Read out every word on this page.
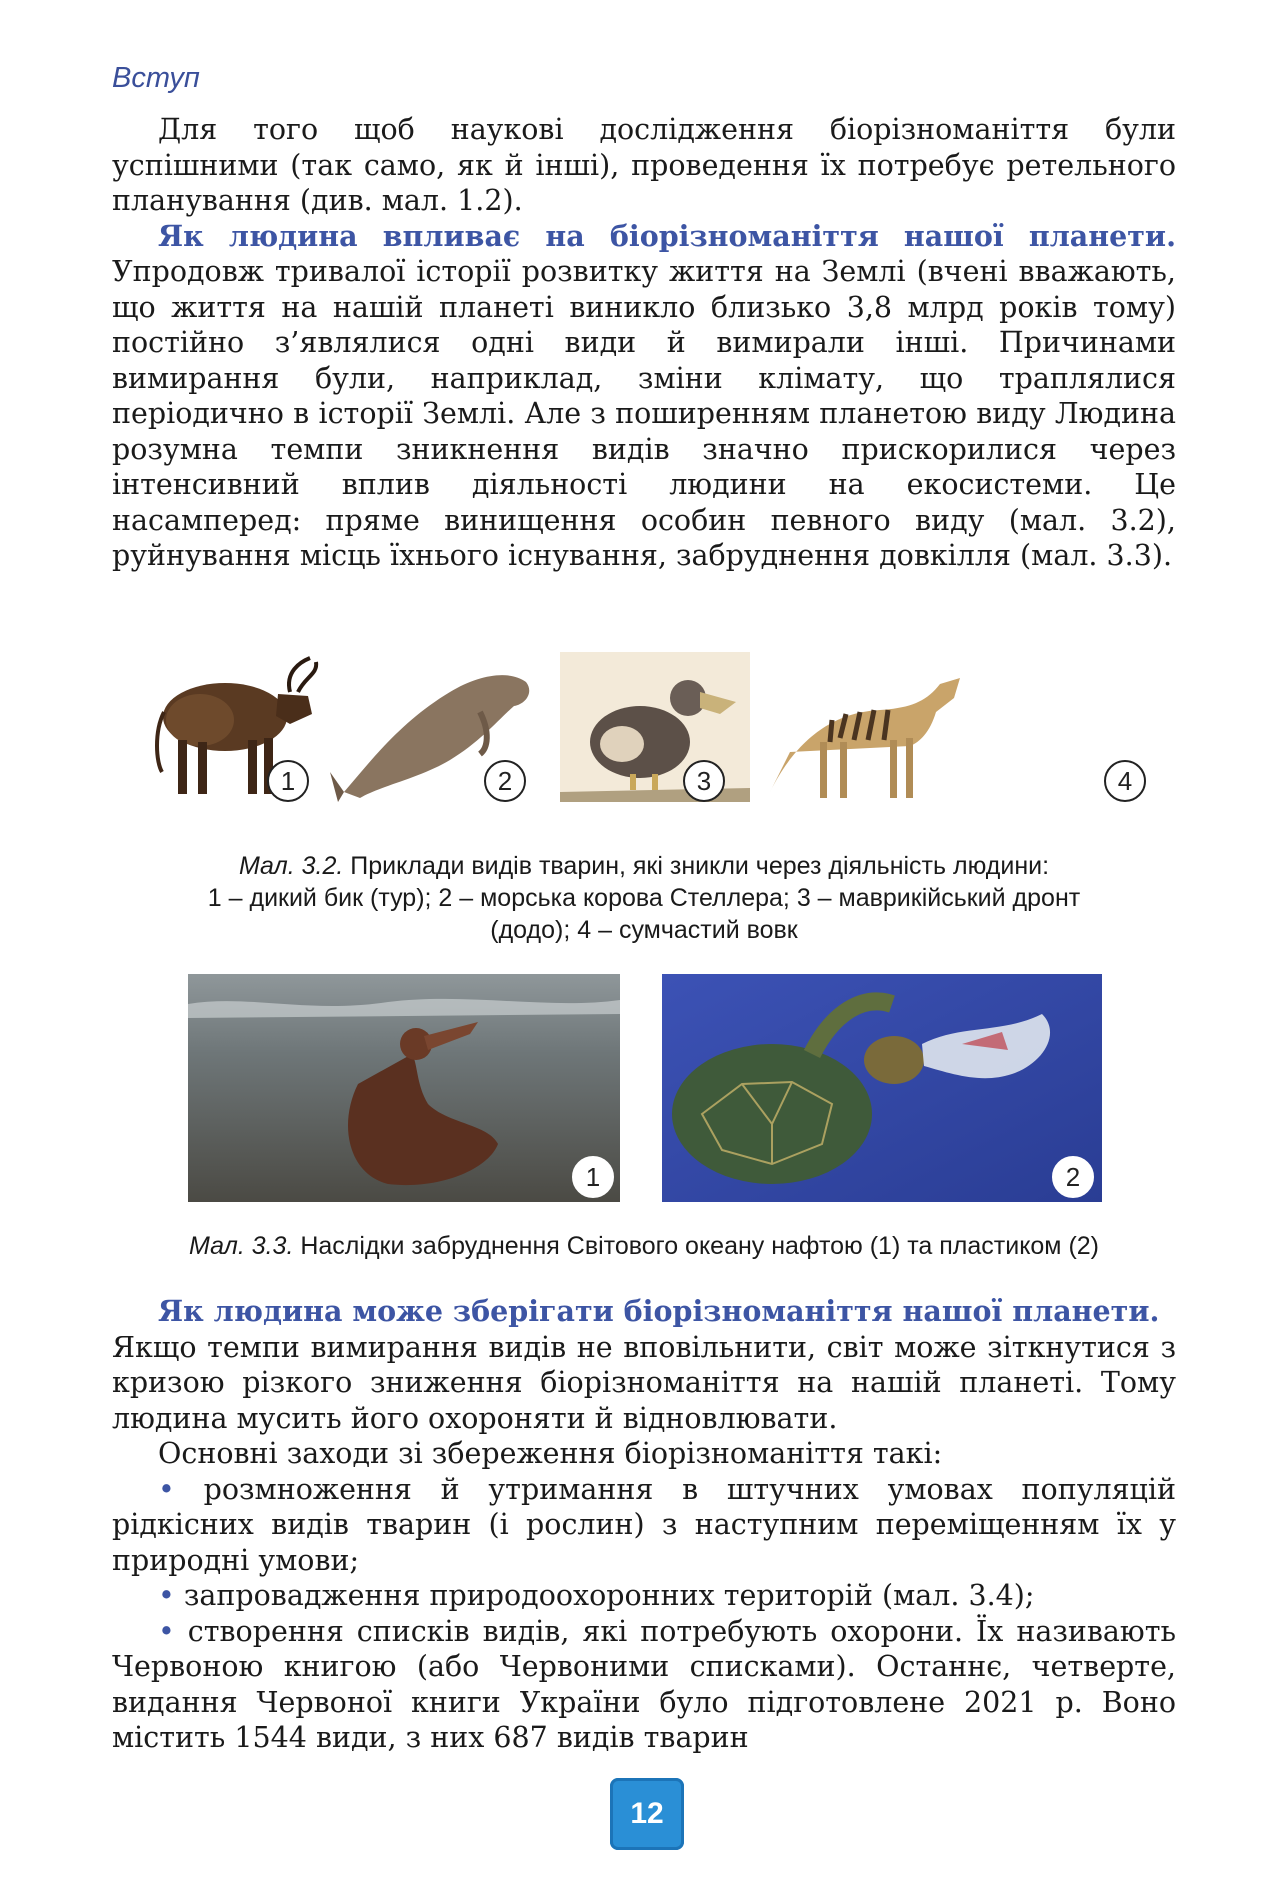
Вступ

Для того щоб наукові дослідження біорізноманіття були успішними (так само, як й інші), проведення їх потребує ретельного планування (див. мал. 1.2).

Як людина впливає на біорізноманіття нашої планети. Упродовж тривалої історії розвитку життя на Землі (вчені вважають, що життя на нашій планеті виникло близько 3,8 млрд років тому) постійно з’являлися одні види й вимирали інші. Причинами вимирання були, наприклад, зміни клімату, що траплялися періодично в історії Землі. Але з поширенням планетою виду Людина розумна темпи зникнення видів значно прискорилися через інтенсивний вплив діяльності людини на екосистеми. Це насамперед: пряме винищення особин певного виду (мал. 3.2), руйнування місць їхнього існування, забруднення довкілля (мал. 3.3).

1	2	3	4
Мал. 3.2. Приклади видів тварин, які зникли через діяльність людини:
1 – дикий бик (тур); 2 – морська корова Стеллера; 3 – маврикійський дронт
(додо); 4 – сумчастий вовк
1	2
Мал. 3.3. Наслідки забруднення Світового океану нафтою (1) та пластиком (2)

Як людина може зберігати біорізноманіття нашої планети.

Якщо темпи вимирання видів не вповільнити, світ може зіткнутися з кризою різкого зниження біорізноманіття на нашій планеті. Тому людина мусить його охороняти й відновлювати.

Основні заходи зі збереження біорізноманіття такі:

• розмноження й утримання в штучних умовах популяцій рідкісних видів тварин (і рослин) з наступним переміщенням їх у природні умови;

• запровадження природоохоронних територій (мал. 3.4);

• створення списків видів, які потребують охорони. Їх називають Червоною книгою (або Червоними списками). Останнє, четверте, видання Червоної книги України було підготовлене 2021 р. Воно містить 1544 види, з них 687 видів тварин

12
